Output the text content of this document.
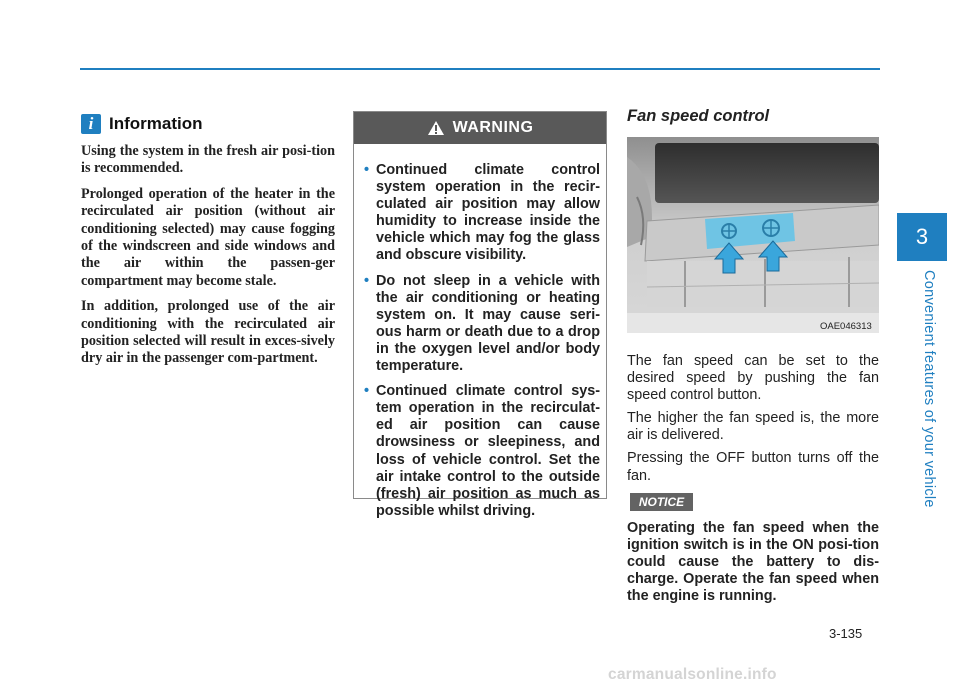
3
Convenient features of your vehicle
i Information

Using the system in the fresh air posi-tion is recommended.

Prolonged operation of the heater in the recirculated air position (without air conditioning selected) may cause fogging of the windscreen and side windows and the air within the passen-ger compartment may become stale.

In addition, prolonged use of the air conditioning with the recirculated air position selected will result in exces-sively dry air in the passenger com-partment.

WARNING
• Continued climate control system operation in the recir-culated air position may allow humidity to increase inside the vehicle which may fog the glass and obscure visibility.
• Do not sleep in a vehicle with the air conditioning or heating system on. It may cause seri-ous harm or death due to a drop in the oxygen level and/or body temperature.
• Continued climate control sys-tem operation in the recirculat-ed air position can cause drowsiness or sleepiness, and loss of vehicle control. Set the air intake control to the outside (fresh) air position as much as possible whilst driving.
Fan speed control
OAE046313

The fan speed can be set to the desired speed by pushing the fan speed control button.

The higher the fan speed is, the more air is delivered.

Pressing the OFF button turns off the fan.

NOTICE
Operating the fan speed when the ignition switch is in the ON posi-tion could cause the battery to dis-charge. Operate the fan speed when the engine is running.
3-135
carmanualsonline.info
